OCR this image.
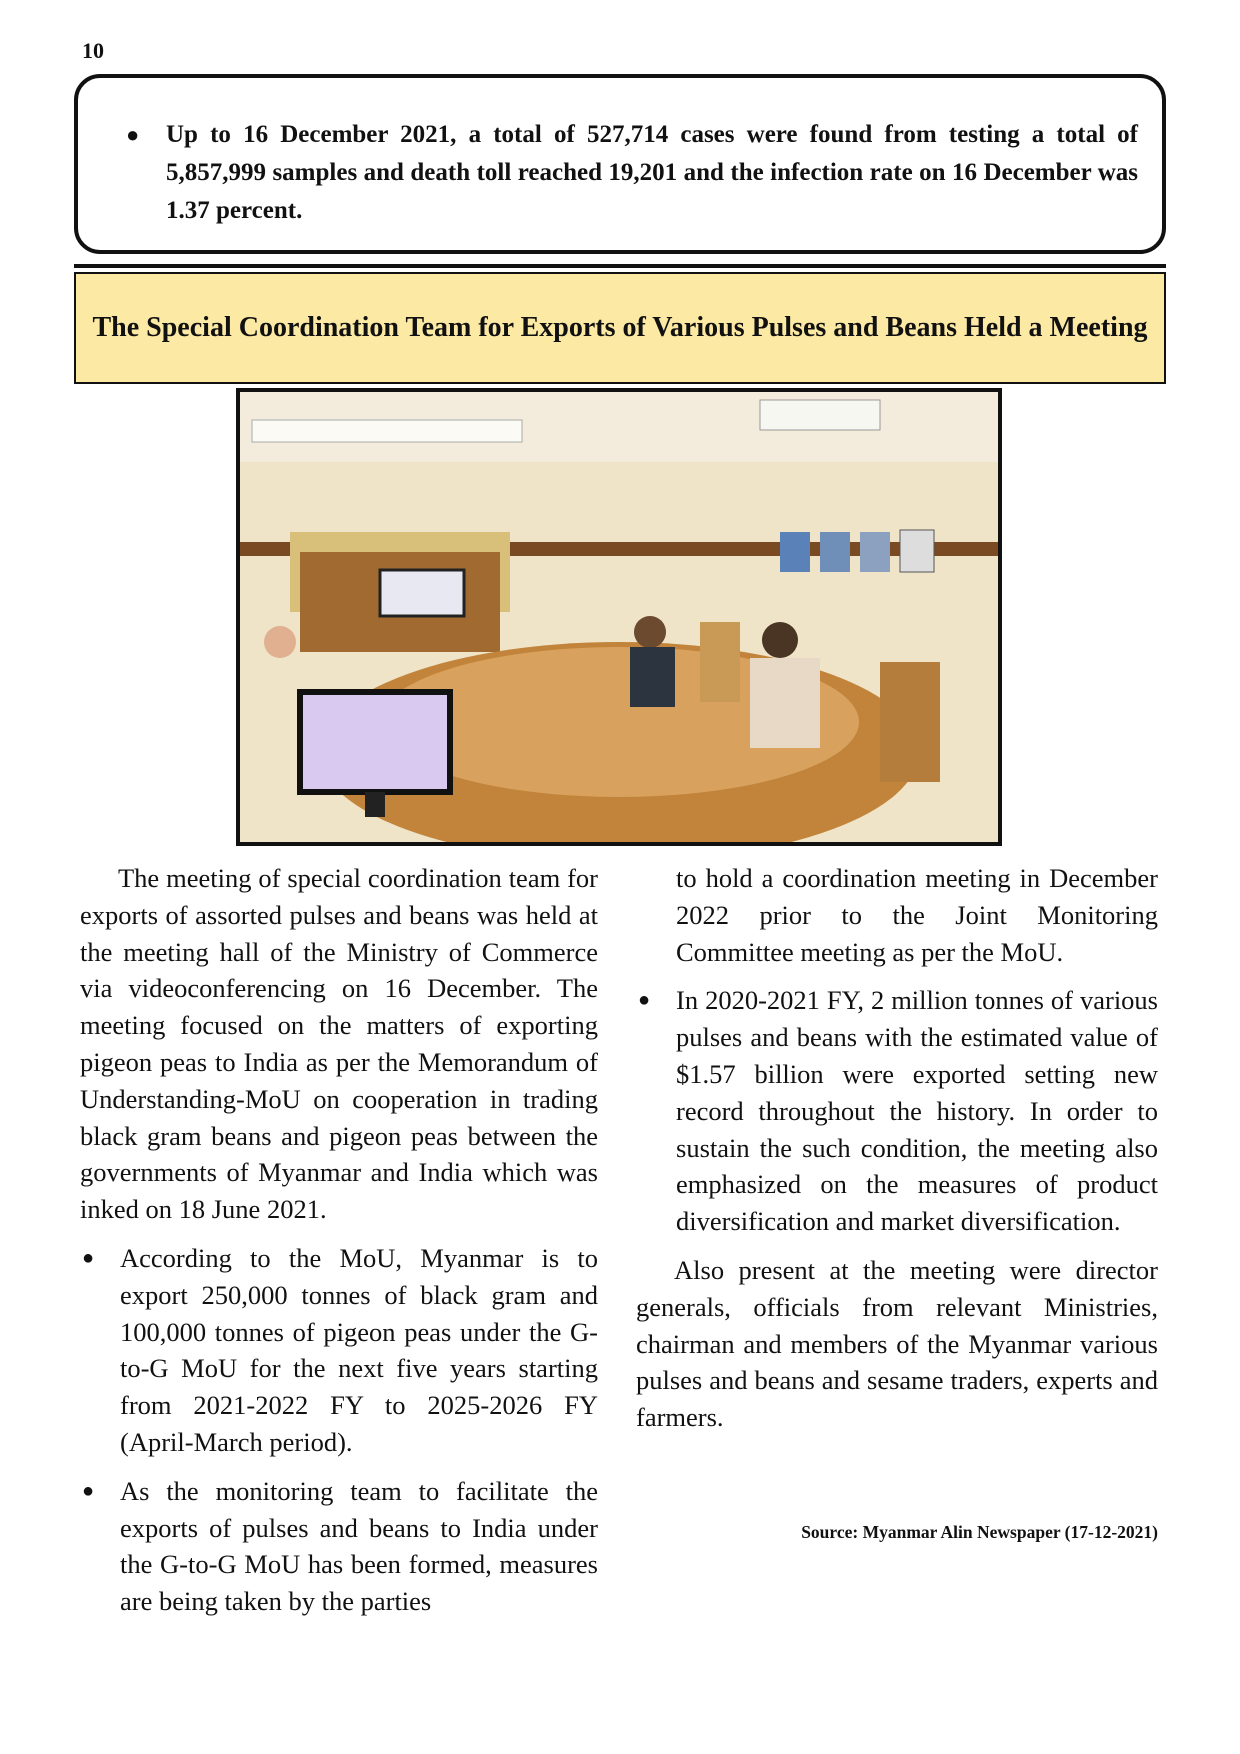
10
●	Up to 16 December 2021, a total of 527,714 cases were found from testing a total of 5,857,999 samples and death toll reached 19,201 and the infection rate on 16 December was 1.37 percent.

The Special Coordination Team for Exports of Various Pulses and Beans Held a Meeting

The meeting of special coordination team for exports of assorted pulses and beans was held at the meeting hall of the Ministry of Commerce via videoconferencing on 16 December. The meeting focused on the matters of exporting pigeon peas to India as per the Memorandum of Understanding-MoU on cooperation in trading black gram beans and pigeon peas between the governments of Myanmar and India which was inked on 18 June 2021.

● According to the MoU, Myanmar is to export 250,000 tonnes of black gram and 100,000 tonnes of pigeon peas under the G-to-G MoU for the next five years starting from 2021-2022 FY to 2025-2026 FY (April-March period).

● As the monitoring team to facilitate the exports of pulses and beans to India under the G-to-G MoU has been formed, measures are being taken by the parties

to hold a coordination meeting in December 2022 prior to the Joint Monitoring Committee meeting as per the MoU.

● In 2020-2021 FY, 2 million tonnes of various pulses and beans with the estimated value of $1.57 billion were exported setting new record throughout the history. In order to sustain the such condition, the meeting also emphasized on the measures of product diversification and market diversification.

Also present at the meeting were director generals, officials from relevant Ministries, chairman and members of the Myanmar various pulses and beans and sesame traders, experts and farmers.

Source: Myanmar Alin Newspaper (17-12-2021)
